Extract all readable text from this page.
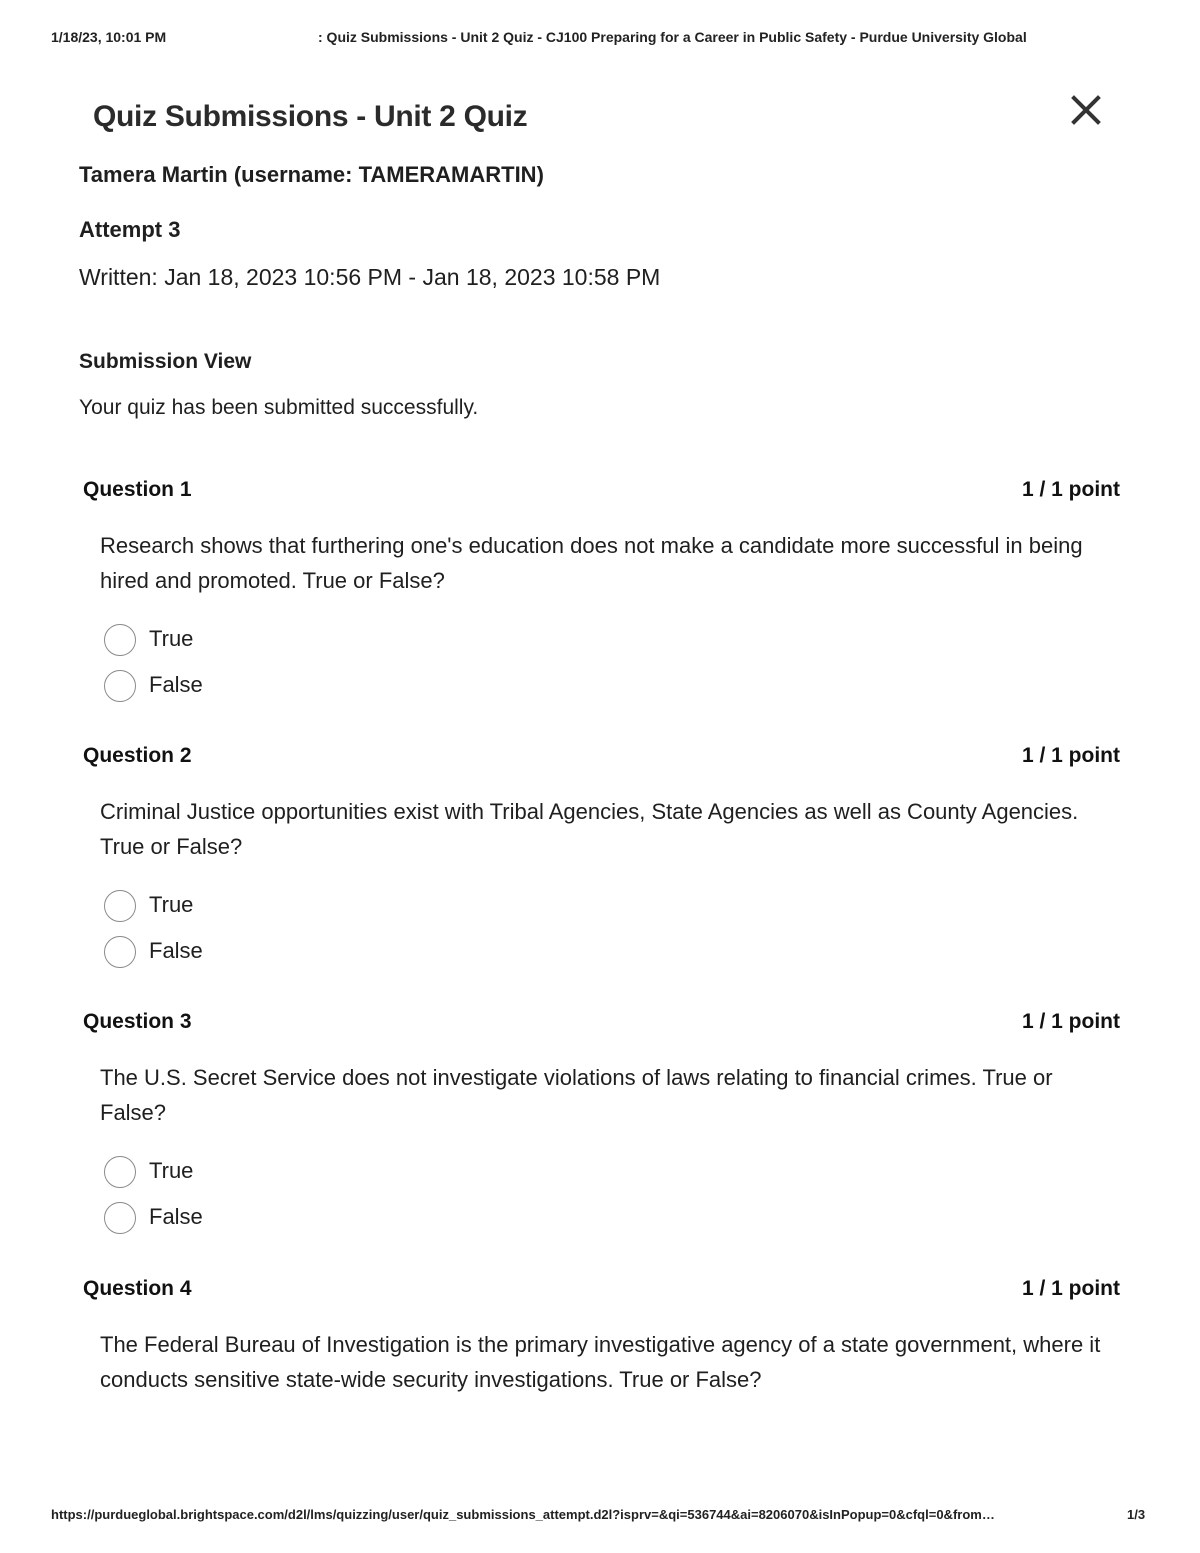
1/18/23, 10:01 PM	: Quiz Submissions - Unit 2 Quiz - CJ100 Preparing for a Career in Public Safety - Purdue University Global
Quiz Submissions - Unit 2 Quiz
Tamera Martin (username: TAMERAMARTIN)
Attempt 3
Written: Jan 18, 2023 10:56 PM - Jan 18, 2023 10:58 PM
Submission View
Your quiz has been submitted successfully.
Question 1	1 / 1 point
Research shows that furthering one's education does not make a candidate more successful in being hired and promoted. True or False?
True
False
Question 2	1 / 1 point
Criminal Justice opportunities exist with Tribal Agencies, State Agencies as well as County Agencies. True or False?
True
False
Question 3	1 / 1 point
The U.S. Secret Service does not investigate violations of laws relating to financial crimes. True or False?
True
False
Question 4	1 / 1 point
The Federal Bureau of Investigation is the primary investigative agency of a state government, where it conducts sensitive state-wide security investigations. True or False?
https://purdueglobal.brightspace.com/d2l/lms/quizzing/user/quiz_submissions_attempt.d2l?isprv=&qi=536744&ai=8206070&isInPopup=0&cfql=0&from…	1/3
